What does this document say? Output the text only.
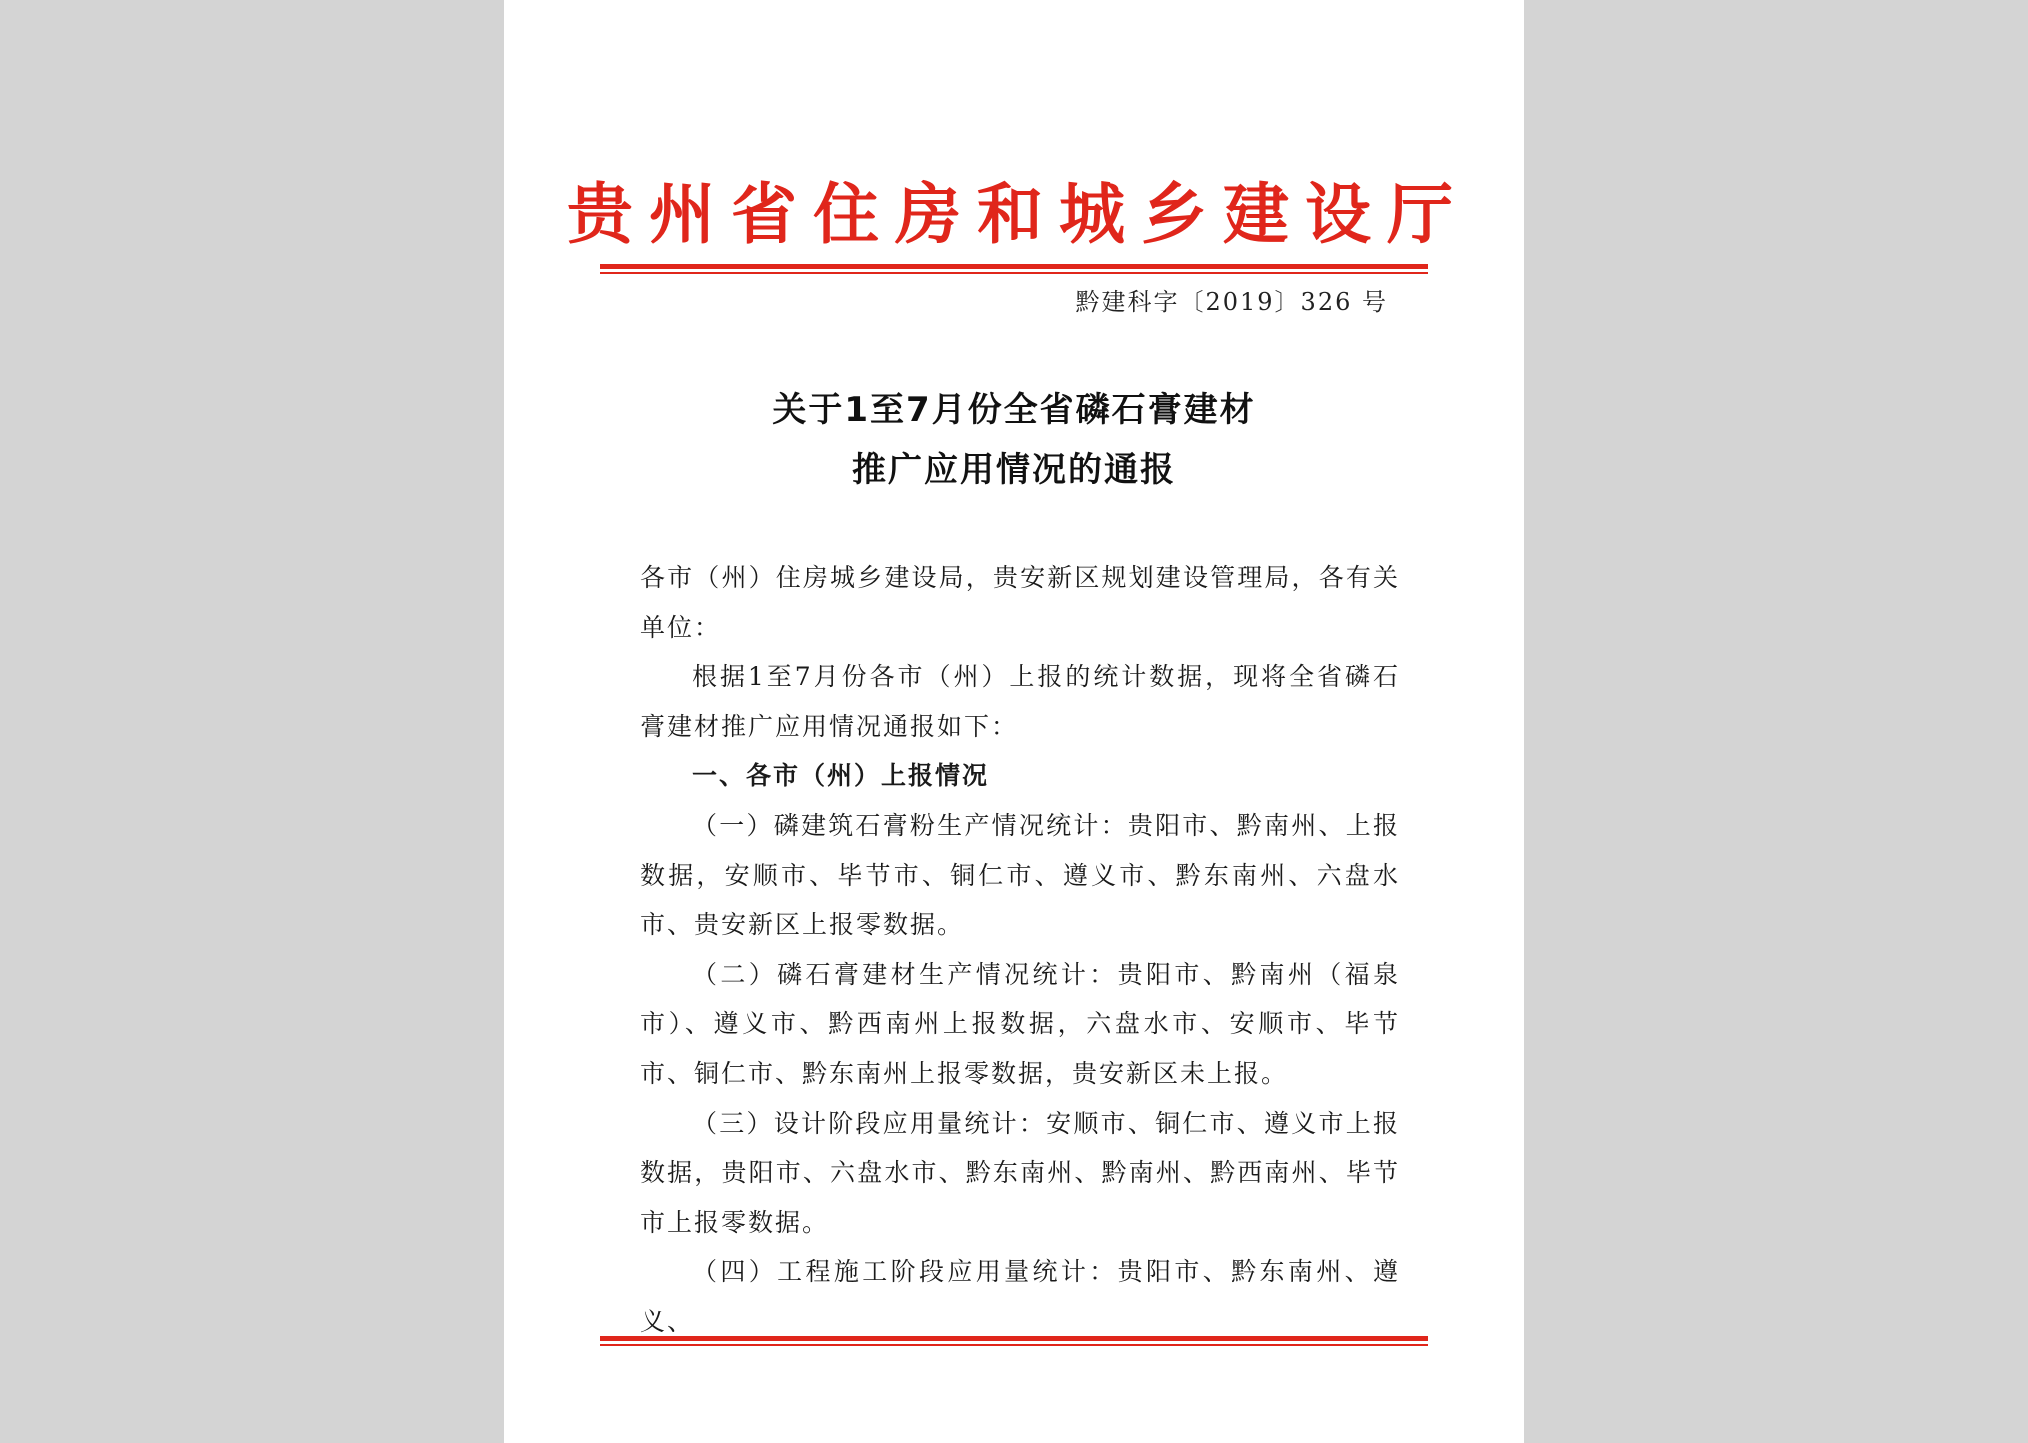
贵州省住房和城乡建设厅
黔建科字〔2019〕326 号
关于1至7月份全省磷石膏建材
推广应用情况的通报

各市（州）住房城乡建设局，贵安新区规划建设管理局，各有关单位：

根据1至7月份各市（州）上报的统计数据，现将全省磷石膏建材推广应用情况通报如下：

一、各市（州）上报情况

（一）磷建筑石膏粉生产情况统计：贵阳市、黔南州、上报数据，安顺市、毕节市、铜仁市、遵义市、黔东南州、六盘水市、贵安新区上报零数据。

（二）磷石膏建材生产情况统计：贵阳市、黔南州（福泉市）、遵义市、黔西南州上报数据，六盘水市、安顺市、毕节市、铜仁市、黔东南州上报零数据，贵安新区未上报。

（三）设计阶段应用量统计：安顺市、铜仁市、遵义市上报数据，贵阳市、六盘水市、黔东南州、黔南州、黔西南州、毕节市上报零数据。

（四）工程施工阶段应用量统计：贵阳市、黔东南州、遵义、
